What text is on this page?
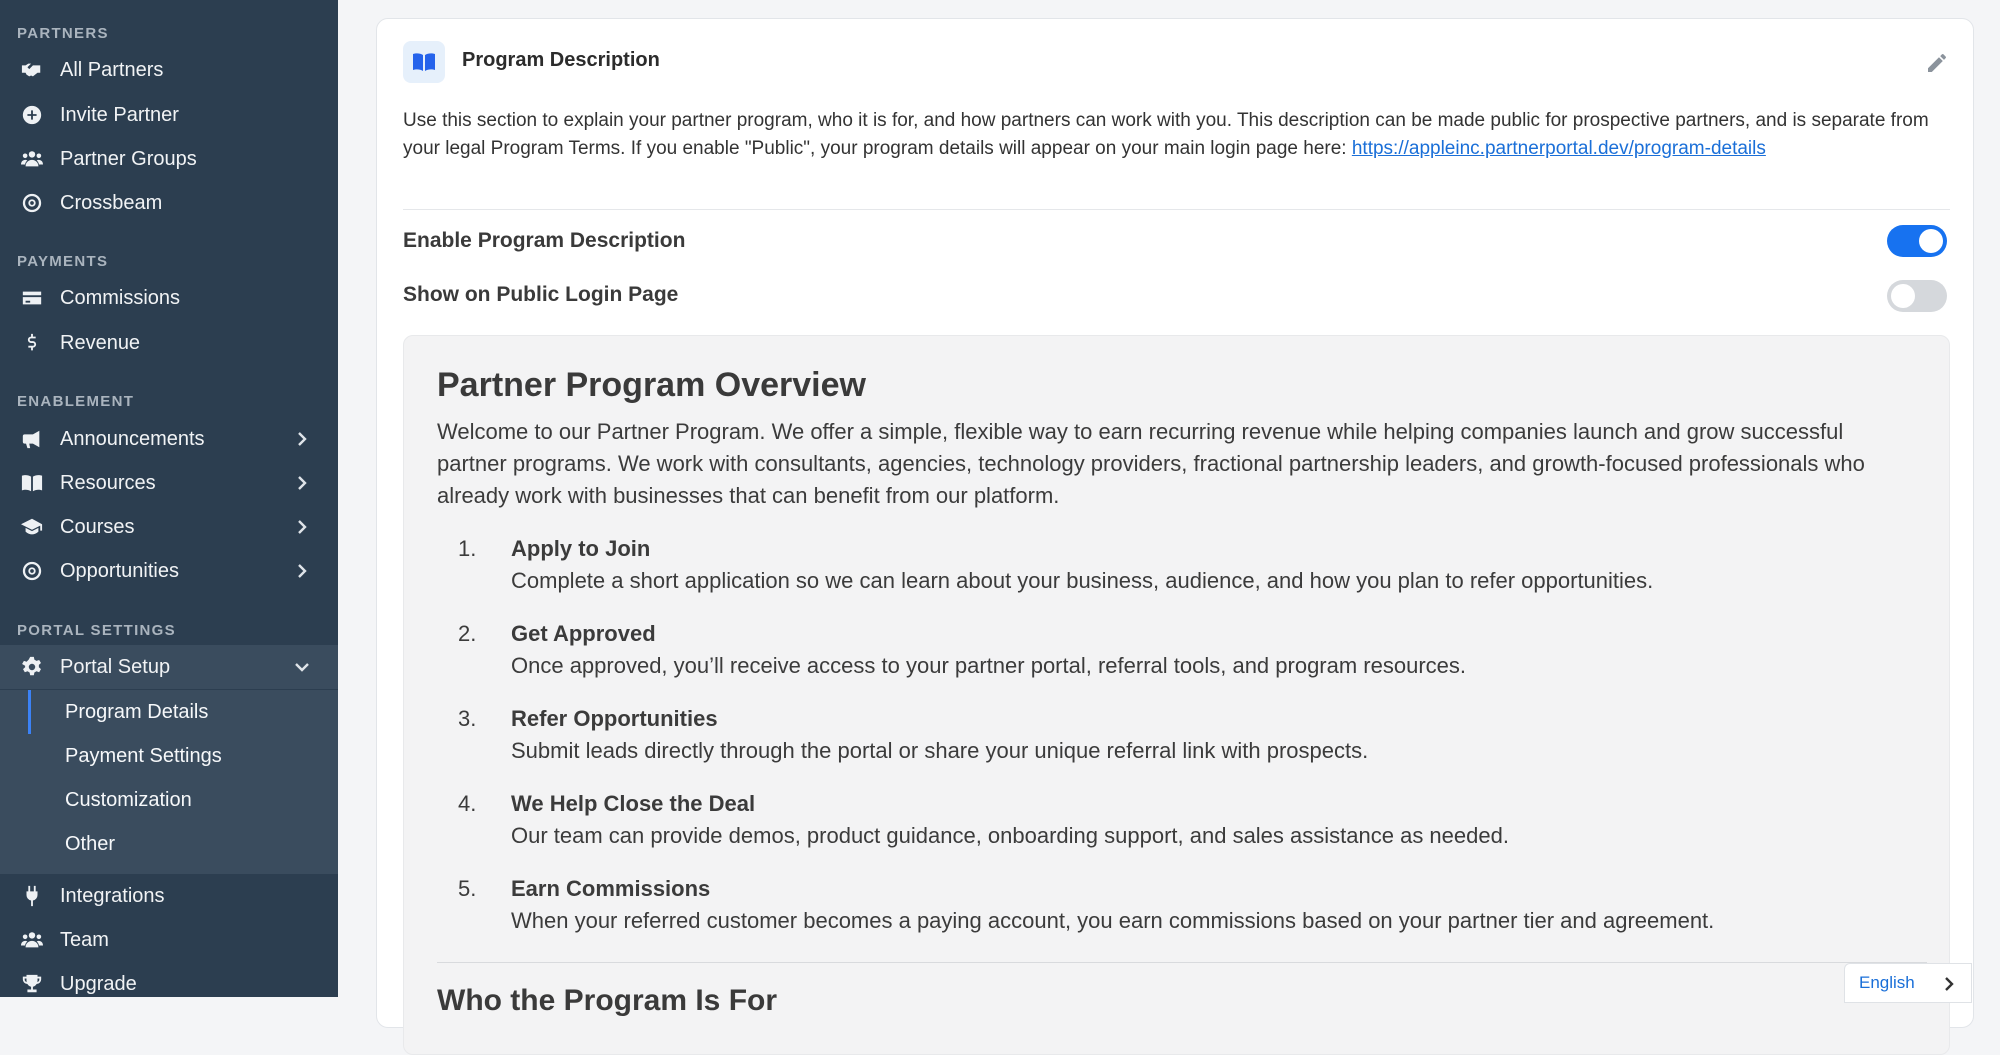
PARTNERS
All Partners
Invite Partner
Partner Groups
Crossbeam
PAYMENTS
Commissions
Revenue
ENABLEMENT
Announcements
Resources
Courses
Opportunities
PORTAL SETTINGS
Portal Setup
Program Details
Payment Settings
Customization
Other
Integrations
Team
Upgrade
Program Description

Use this section to explain your partner program, who it is for, and how partners can work with you. This description can be made public for prospective partners, and is separate from your legal Program Terms. If you enable "Public", your program details will appear on your main login page here: https://appleinc.partnerportal.dev/program-details

Enable Program Description
Show on Public Login Page
Partner Program Overview

Welcome to our Partner Program. We offer a simple, flexible way to earn recurring revenue while helping companies launch and grow successful partner programs. We work with consultants, agencies, technology providers, fractional partnership leaders, and growth-focused professionals who already work with businesses that can benefit from our platform.

1. Apply to Join
Complete a short application so we can learn about your business, audience, and how you plan to refer opportunities.
2. Get Approved
Once approved, you’ll receive access to your partner portal, referral tools, and program resources.
3. Refer Opportunities
Submit leads directly through the portal or share your unique referral link with prospects.
4. We Help Close the Deal
Our team can provide demos, product guidance, onboarding support, and sales assistance as needed.
5. Earn Commissions
When your referred customer becomes a paying account, you earn commissions based on your partner tier and agreement.
Who the Program Is For
English
